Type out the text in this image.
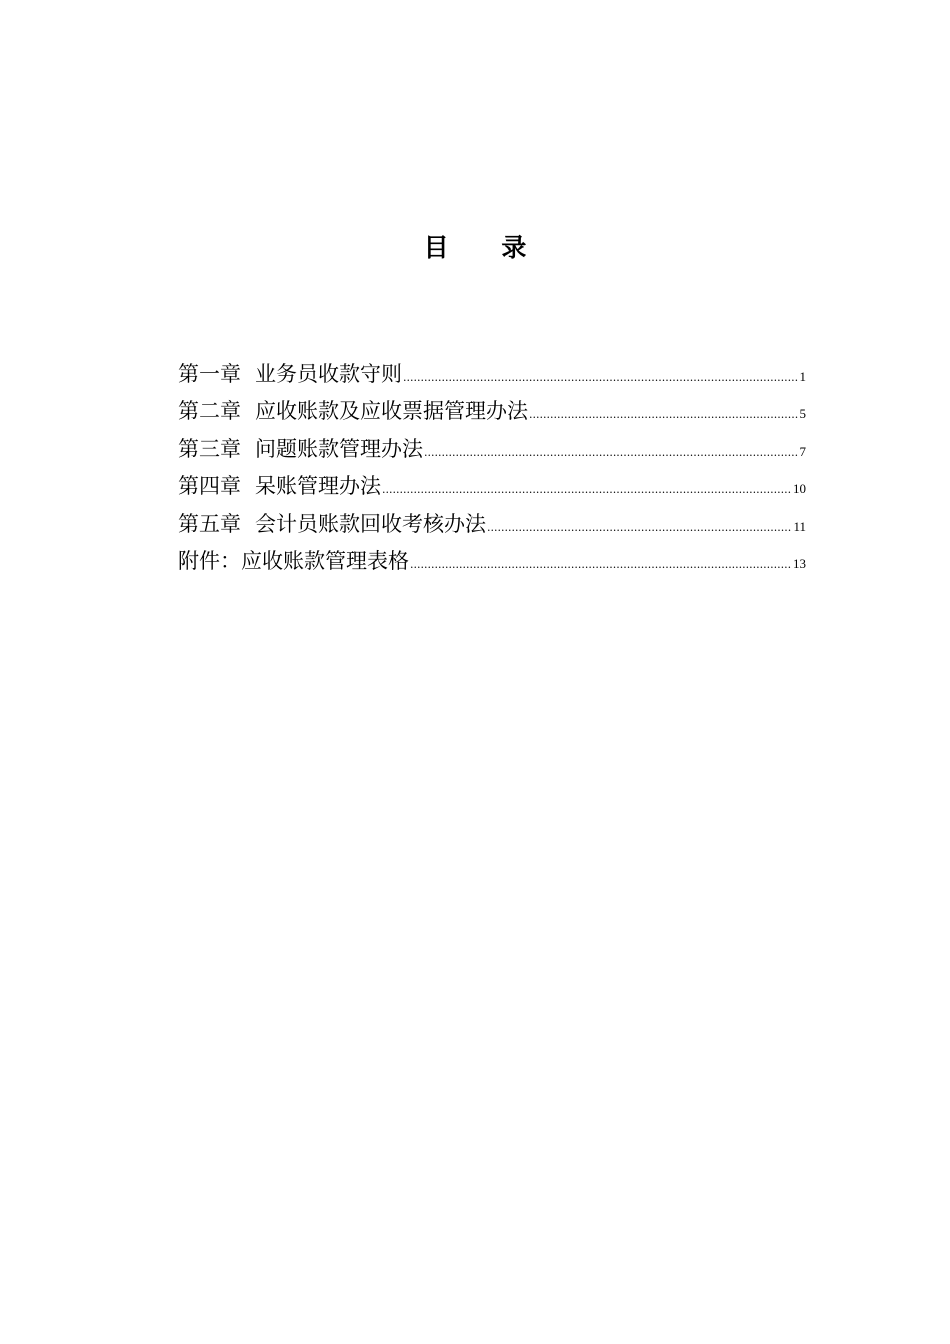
目 录
第一章 业务员收款守则 .....	1
第二章 应收账款及应收票据管理办法 .....	5
第三章 问题账款管理办法 .....	7
第四章 呆账管理办法 .....	10
第五章 会计员账款回收考核办法 .....	11
附件：应收账款管理表格 .....	13
